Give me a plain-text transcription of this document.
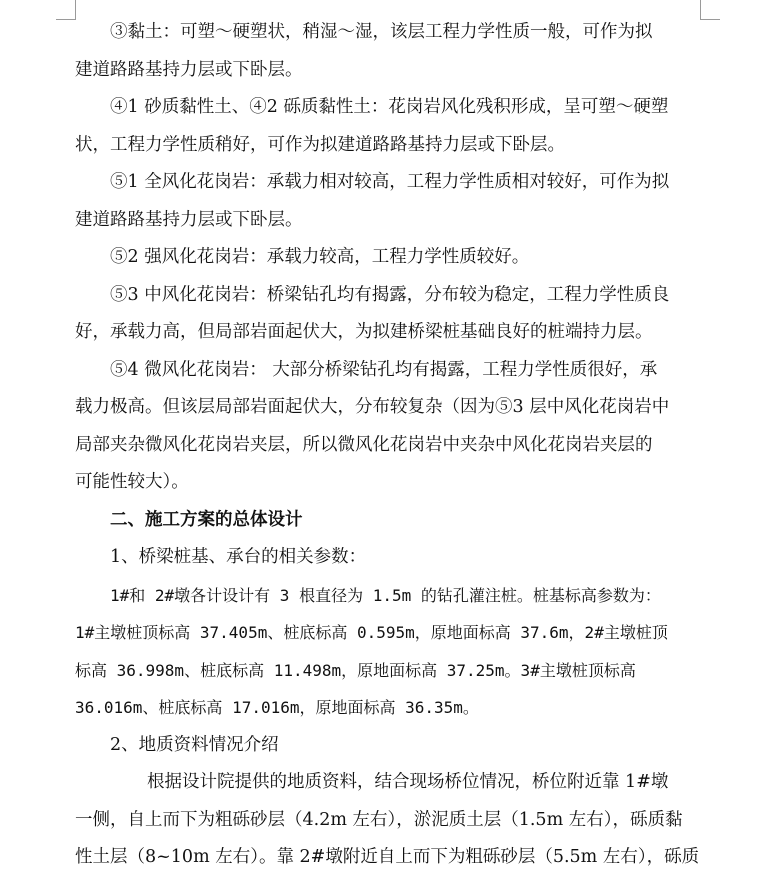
③黏土：可塑～硬塑状，稍湿～湿，该层工程力学性质一般，可作为拟
建道路路基持力层或下卧层。
④1 砂质黏性土、④2 砾质黏性土：花岗岩风化残积形成，呈可塑～硬塑
状，工程力学性质稍好，可作为拟建道路路基持力层或下卧层。
⑤1 全风化花岗岩：承载力相对较高，工程力学性质相对较好，可作为拟
建道路路基持力层或下卧层。
⑤2 强风化花岗岩：承载力较高，工程力学性质较好。
⑤3 中风化花岗岩：桥梁钻孔均有揭露，分布较为稳定，工程力学性质良
好，承载力高，但局部岩面起伏大，为拟建桥梁桩基础良好的桩端持力层。
⑤4 微风化花岗岩： 大部分桥梁钻孔均有揭露，工程力学性质很好，承
载力极高。但该层局部岩面起伏大，分布较复杂（因为⑤3 层中风化花岗岩中
局部夹杂微风化花岗岩夹层，所以微风化花岗岩中夹杂中风化花岗岩夹层的
可能性较大）。
二、施工方案的总体设计
1、桥梁桩基、承台的相关参数：
1#和 2#墩各计设计有 3 根直径为 1.5m 的钻孔灌注桩。桩基标高参数为：
1#主墩桩顶标高 37.405m、桩底标高 0.595m，原地面标高 37.6m，2#主墩桩顶
标高 36.998m、桩底标高 11.498m，原地面标高 37.25m。3#主墩桩顶标高
36.016m、桩底标高 17.016m，原地面标高 36.35m。
2、地质资料情况介绍
根据设计院提供的地质资料，结合现场桥位情况，桥位附近靠 1#墩
一侧，自上而下为粗砾砂层（4.2m 左右），淤泥质土层（1.5m 左右），砾质黏
性土层（8~10m 左右）。靠 2#墩附近自上而下为粗砾砂层（5.5m 左右），砾质
